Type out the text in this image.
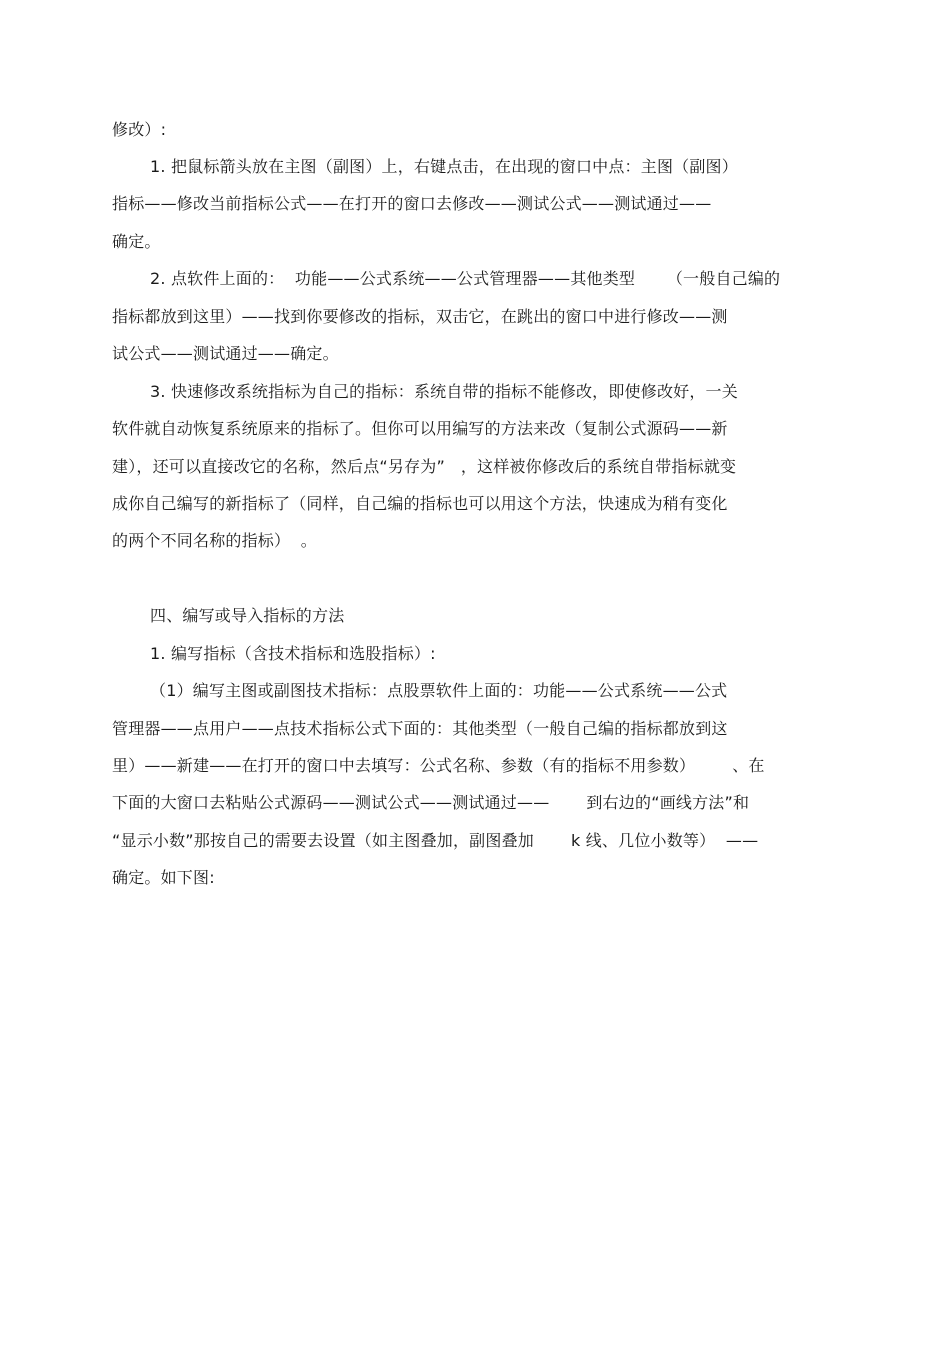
修改）:
1. 把鼠标箭头放在主图（副图）上，右键点击，在出现的窗口中点：主图（副图）
指标——修改当前指标公式——在打开的窗口去修改——测试公式——测试通过——
确定。
2. 点软件上面的：  功能——公式系统——公式管理器——其他类型      （一般自己编的
指标都放到这里）——找到你要修改的指标，双击它，在跳出的窗口中进行修改——测
试公式——测试通过——确定。
3. 快速修改系统指标为自己的指标：系统自带的指标不能修改，即使修改好，一关
软件就自动恢复系统原来的指标了。但你可以用编写的方法来改（复制公式源码——新
建），还可以直接改它的名称，然后点“另存为”   ，这样被你修改后的系统自带指标就变
成你自己编写的新指标了（同样，自己编的指标也可以用这个方法，快速成为稍有变化
的两个不同名称的指标）  。
四、编写或导入指标的方法
1. 编写指标（含技术指标和选股指标）:
（1）编写主图或副图技术指标：点股票软件上面的：功能——公式系统——公式
管理器——点用户——点技术指标公式下面的：其他类型（一般自己编的指标都放到这
里）——新建——在打开的窗口中去填写：公式名称、参数（有的指标不用参数）       、在
下面的大窗口去粘贴公式源码——测试公式——测试通过——       到右边的“画线方法”和
“显示小数”那按自己的需要去设置（如主图叠加，副图叠加       k 线、几位小数等）  ——
确定。如下图:
